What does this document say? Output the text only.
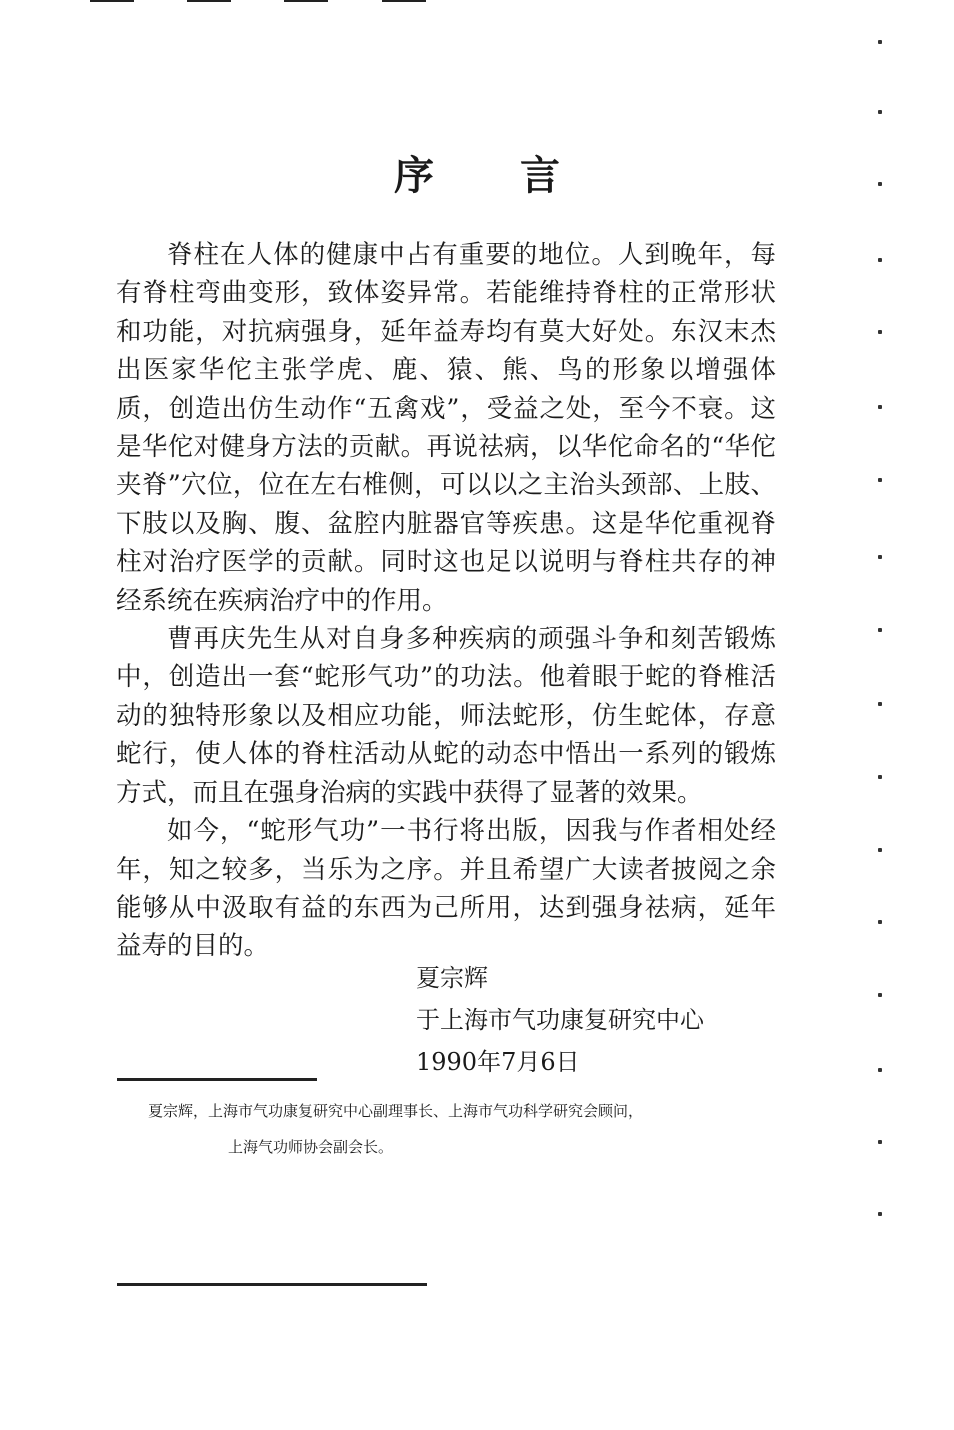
序 言

脊柱在人体的健康中占有重要的地位。人到晚年，每有脊柱弯曲变形，致体姿异常。若能维持脊柱的正常形状和功能，对抗病强身，延年益寿均有莫大好处。东汉末杰出医家华佗主张学虎、鹿、猿、熊、鸟的形象以增强体质，创造出仿生动作“五禽戏”，受益之处，至今不衰。这是华佗对健身方法的贡献。再说祛病，以华佗命名的“华佗夹脊”穴位，位在左右椎侧，可以以之主治头颈部、上肢、下肢以及胸、腹、盆腔内脏器官等疾患。这是华佗重视脊柱对治疗医学的贡献。同时这也足以说明与脊柱共存的神经系统在疾病治疗中的作用。

曹再庆先生从对自身多种疾病的顽强斗争和刻苦锻炼中，创造出一套“蛇形气功”的功法。他着眼于蛇的脊椎活动的独特形象以及相应功能，师法蛇形，仿生蛇体，存意蛇行，使人体的脊柱活动从蛇的动态中悟出一系列的锻炼方式，而且在强身治病的实践中获得了显著的效果。

如今，“蛇形气功”一书行将出版，因我与作者相处经年，知之较多，当乐为之序。并且希望广大读者披阅之余能够从中汲取有益的东西为己所用，达到强身祛病，延年益寿的目的。

夏宗辉
于上海市气功康复研究中心
1990年7月6日
夏宗辉，上海市气功康复研究中心副理事长、上海市气功科学研究会顾问，
上海气功师协会副会长。
